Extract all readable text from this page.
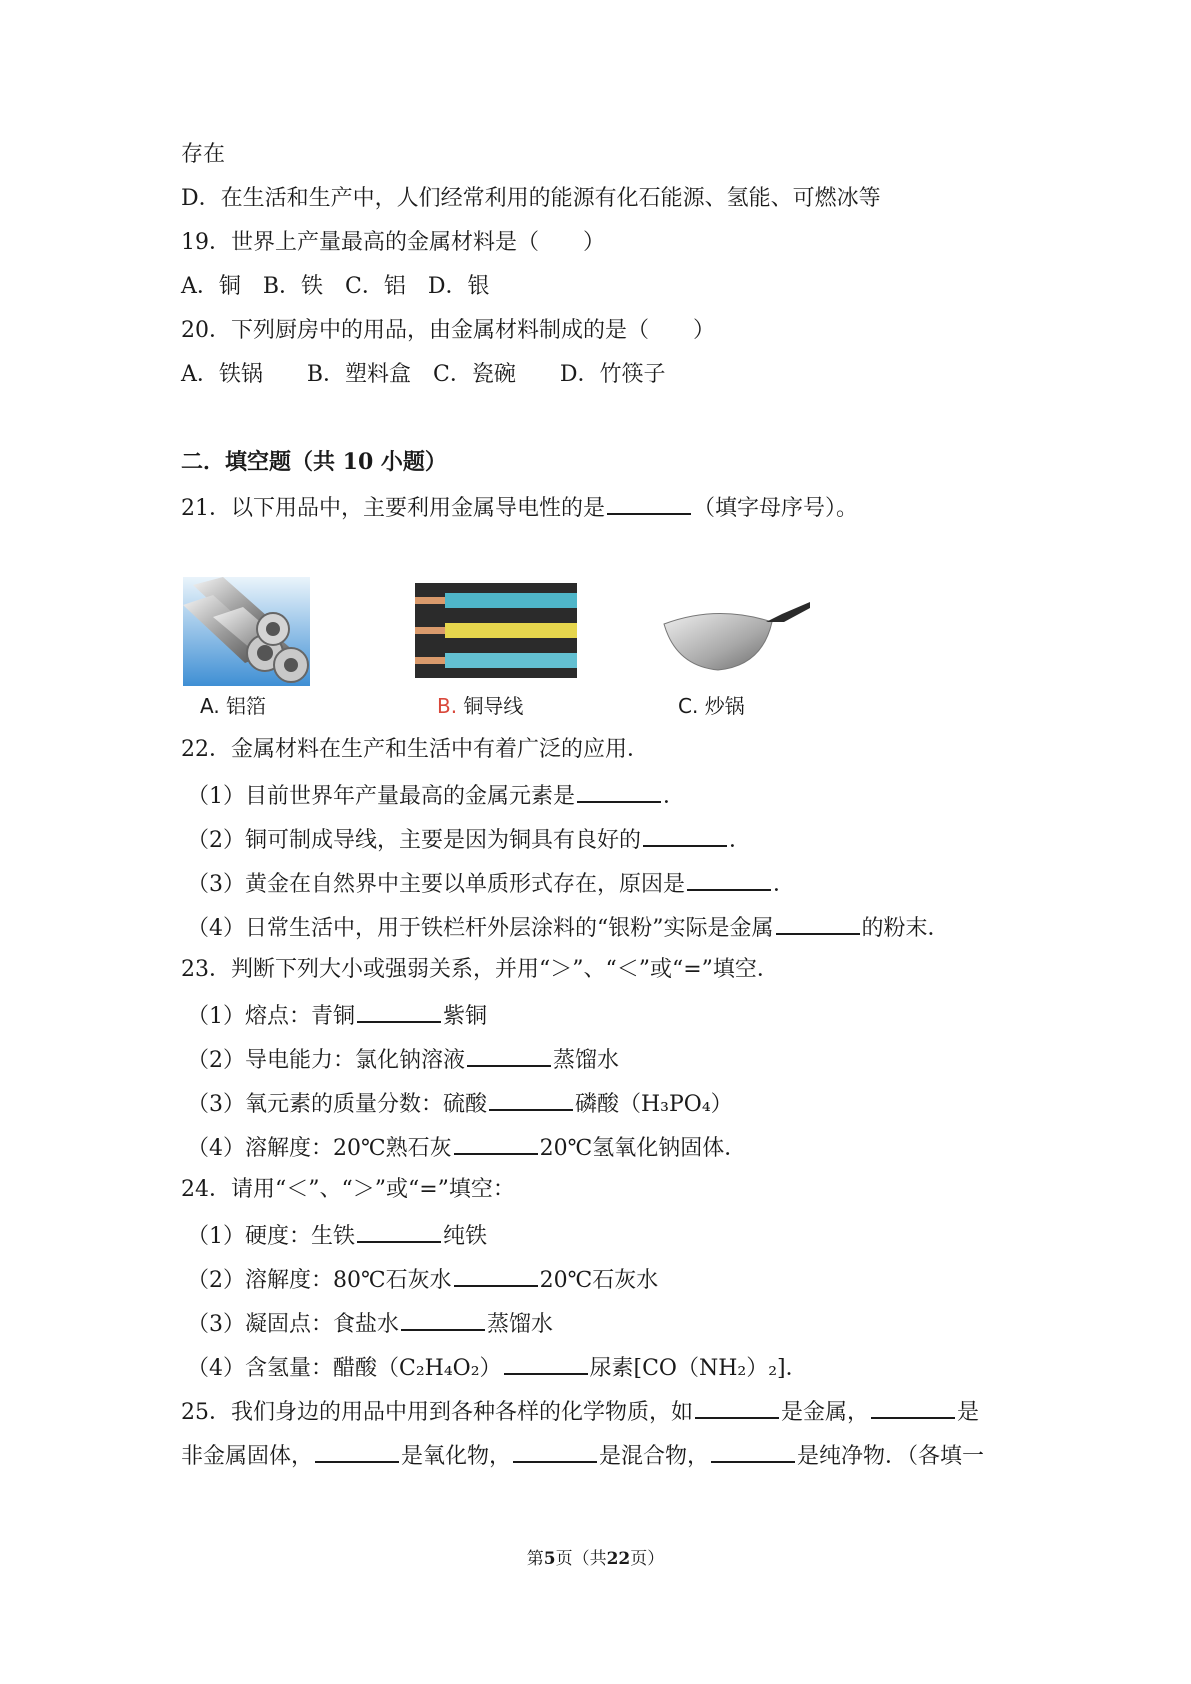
存在
D．在生活和生产中，人们经常利用的能源有化石能源、氢能、可燃冰等
19．世界上产量最高的金属材料是（　　）
A．铜　B．铁　C．铝　D．银
20．下列厨房中的用品，由金属材料制成的是（　　）
A．铁锅　　B．塑料盒　C．瓷碗　　D．竹筷子
二．填空题（共 10 小题）
21．以下用品中，主要利用金属导电性的是	（填字母序号）。
A. 铝箔	B. 铜导线	C. 炒锅
22．金属材料在生产和生活中有着广泛的应用．
（1）目前世界年产量最高的金属元素是	．
（2）铜可制成导线，主要是因为铜具有良好的	．
（3）黄金在自然界中主要以单质形式存在，原因是	．
（4）日常生活中，用于铁栏杆外层涂料的“银粉”实际是金属	的粉末．
23．判断下列大小或强弱关系，并用“＞”、“＜”或“=”填空．
（1）熔点：青铜	紫铜
（2）导电能力：氯化钠溶液	蒸馏水
（3）氧元素的质量分数：硫酸	磷酸（H₃PO₄）
（4）溶解度：20℃熟石灰	20℃氢氧化钠固体．
24．请用“＜”、“＞”或“=”填空：
（1）硬度：生铁	纯铁
（2）溶解度：80℃石灰水	20℃石灰水
（3）凝固点：食盐水	蒸馏水
（4）含氢量：醋酸（C₂H₄O₂）	尿素[CO（NH₂）₂]．
25．我们身边的用品中用到各种各样的化学物质，如	是金属，	是
非金属固体，	是氧化物，	是混合物，	是纯净物．（各填一
第5页（共22页）
